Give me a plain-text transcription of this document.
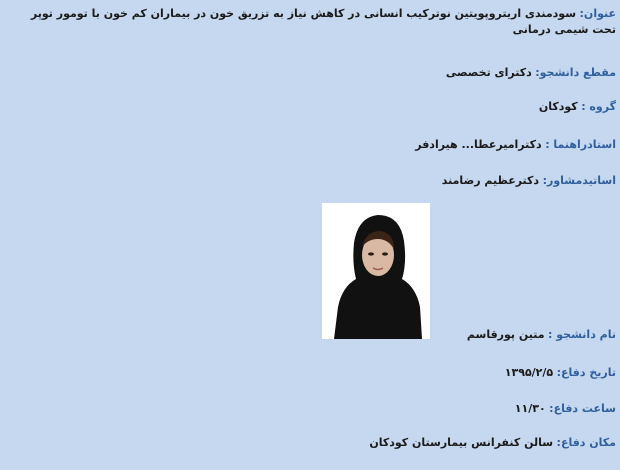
عنوان: سودمندی اریتروپویتین نوترکیب انسانی در کاهش نیاز به تزریق خون در بیماران کم خون با تومور توپر تحت شیمی درمانی
مقطع دانشجو: دکترای تخصصی
گروه : کودکان
استادراهنما : دکترامیرعطا... هیرادفر
اساتیدمشاور: دکترعظیم رضامند
نام دانشجو : متین پورقاسم
تاریخ دفاع: ۱۳۹۵/۲/۵
ساعت دفاع: ۱۱/۳۰
مکان دفاع: سالن کنفرانس بیمارستان کودکان
